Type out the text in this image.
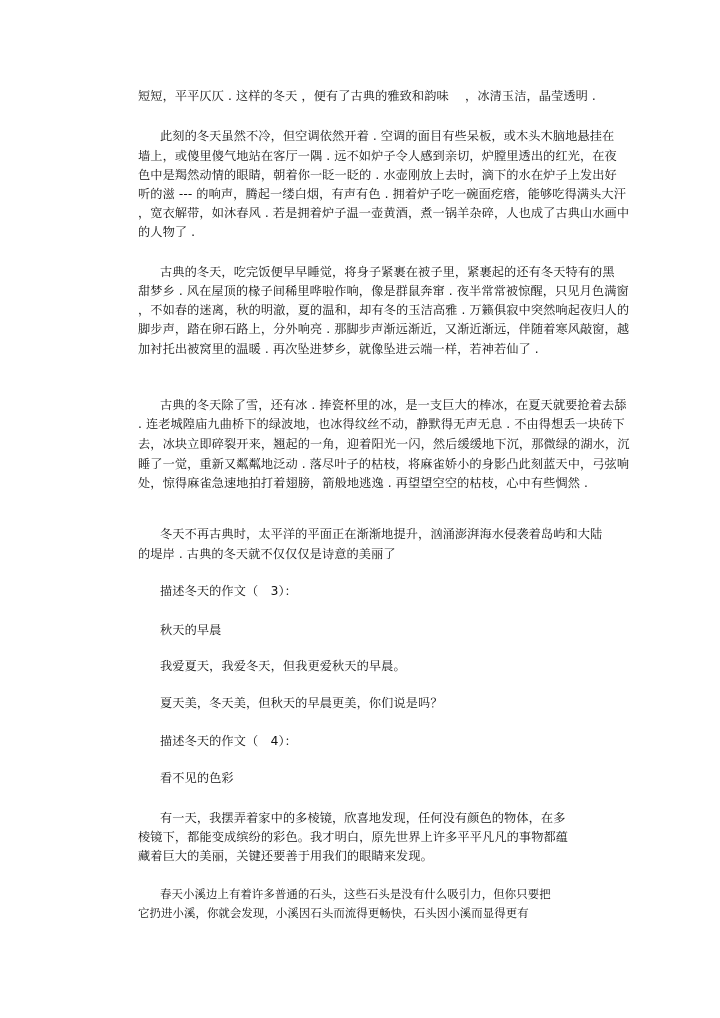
短短，平平仄仄 . 这样的冬天 ，便有了古典的雅致和韵味 　，冰清玉洁，晶莹透明 .
此刻的冬天虽然不冷，但空调依然开着 . 空调的面目有些呆板，或木头木脑地悬挂在
墙上，或傻里傻气地站在客厅一隅 . 远不如炉子令人感到亲切，炉膛里透出的红光，在夜
色中是羯然动情的眼睛，朝着你一眨一眨的 . 水壶刚放上去时，滴下的水在炉子上发出好
听的滋 --- 的响声，腾起一缕白烟，有声有色 . 拥着炉子吃一碗面疙瘩，能够吃得满头大汗
，宽衣解带，如沐春风 . 若是拥着炉子温一壶黄酒，煮一锅羊杂碎，人也成了古典山水画中
的人物了 .
古典的冬天，吃完饭便早早睡觉，将身子紧裹在被子里，紧裹起的还有冬天特有的黑
甜梦乡 . 风在屋顶的椽子间稀里哗啦作响，像是群鼠奔窜 . 夜半常常被惊醒，只见月色满窗
，不如春的迷离，秋的明澈，夏的温和，却有冬的玉洁高雅 . 万籁俱寂中突然响起夜归人的
脚步声，踏在卵石路上，分外响亮 . 那脚步声渐远渐近，又渐近渐远，伴随着寒风敲窗，越
加衬托出被窝里的温暖 . 再次坠进梦乡，就像坠进云端一样，若神若仙了 .
古典的冬天除了雪，还有冰 . 捧瓷杯里的冰，是一支巨大的棒冰，在夏天就要抢着去舔
. 连老城隍庙九曲桥下的绿波地，也冰得纹丝不动，静默得无声无息 . 不由得想丢一块砖下
去，冰块立即碎裂开来，翘起的一角，迎着阳光一闪，然后缓缓地下沉，那微绿的湖水，沉
睡了一觉，重新又粼粼地泛动 . 落尽叶子的枯枝，将麻雀娇小的身影凸此刻蓝天中，弓弦响
处，惊得麻雀急速地拍打着翅膀，箭般地逃逸 . 再望望空空的枯枝，心中有些惆然 .
冬天不再古典时，太平洋的平面正在渐渐地提升，汹涌澎湃海水侵袭着岛屿和大陆
的堤岸 . 古典的冬天就不仅仅仅是诗意的美丽了
描述冬天的作文（　3）：
秋天的早晨
我爱夏天，我爱冬天，但我更爱秋天的早晨。
夏天美，冬天美，但秋天的早晨更美，你们说是吗？
描述冬天的作文（　4）：
看不见的色彩
有一天，我摆弄着家中的多棱镜，欣喜地发现，任何没有颜色的物体，在多
棱镜下，都能变成缤纷的彩色。我才明白，原先世界上许多平平凡凡的事物都蕴
藏着巨大的美丽，关键还要善于用我们的眼睛来发现。
春天小溪边上有着许多普通的石头，这些石头是没有什么吸引力，但你只要把
它扔进小溪，你就会发现，小溪因石头而流得更畅快，石头因小溪而显得更有
